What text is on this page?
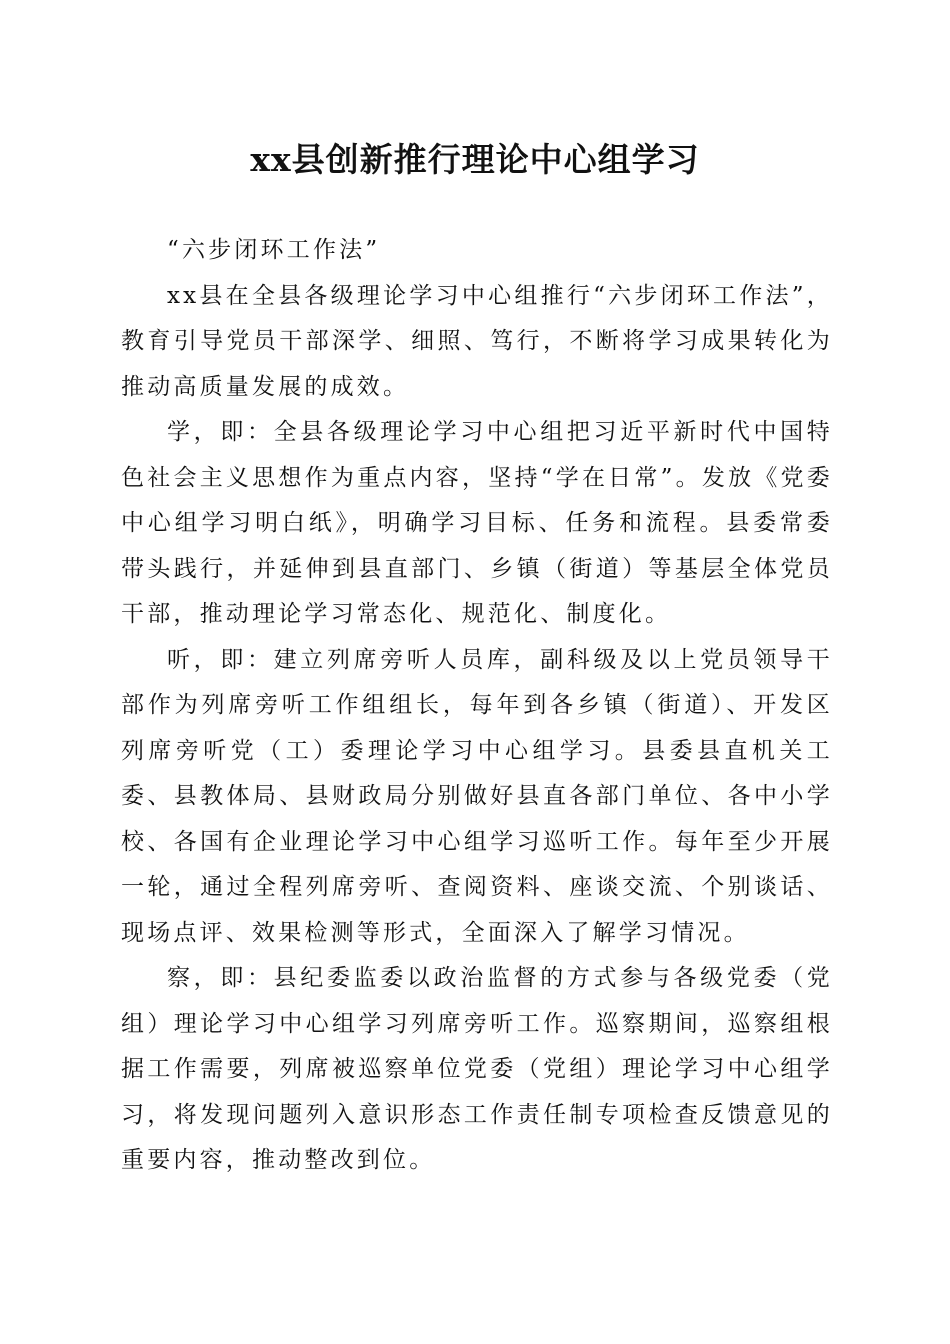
xx县创新推行理论中心组学习

“六步闭环工作法”

xx县在全县各级理论学习中心组推行“六步闭环工作法”，教育引导党员干部深学、细照、笃行，不断将学习成果转化为推动高质量发展的成效。

学，即：全县各级理论学习中心组把习近平新时代中国特色社会主义思想作为重点内容，坚持“学在日常”。发放《党委中心组学习明白纸》，明确学习目标、任务和流程。县委常委带头践行，并延伸到县直部门、乡镇（街道）等基层全体党员干部，推动理论学习常态化、规范化、制度化。

听，即：建立列席旁听人员库，副科级及以上党员领导干部作为列席旁听工作组组长，每年到各乡镇（街道）、开发区列席旁听党（工）委理论学习中心组学习。县委县直机关工委、县教体局、县财政局分别做好县直各部门单位、各中小学校、各国有企业理论学习中心组学习巡听工作。每年至少开展一轮，通过全程列席旁听、查阅资料、座谈交流、个别谈话、现场点评、效果检测等形式，全面深入了解学习情况。

察，即：县纪委监委以政治监督的方式参与各级党委（党组）理论学习中心组学习列席旁听工作。巡察期间，巡察组根据工作需要，列席被巡察单位党委（党组）理论学习中心组学习，将发现问题列入意识形态工作责任制专项检查反馈意见的重要内容，推动整改到位。
